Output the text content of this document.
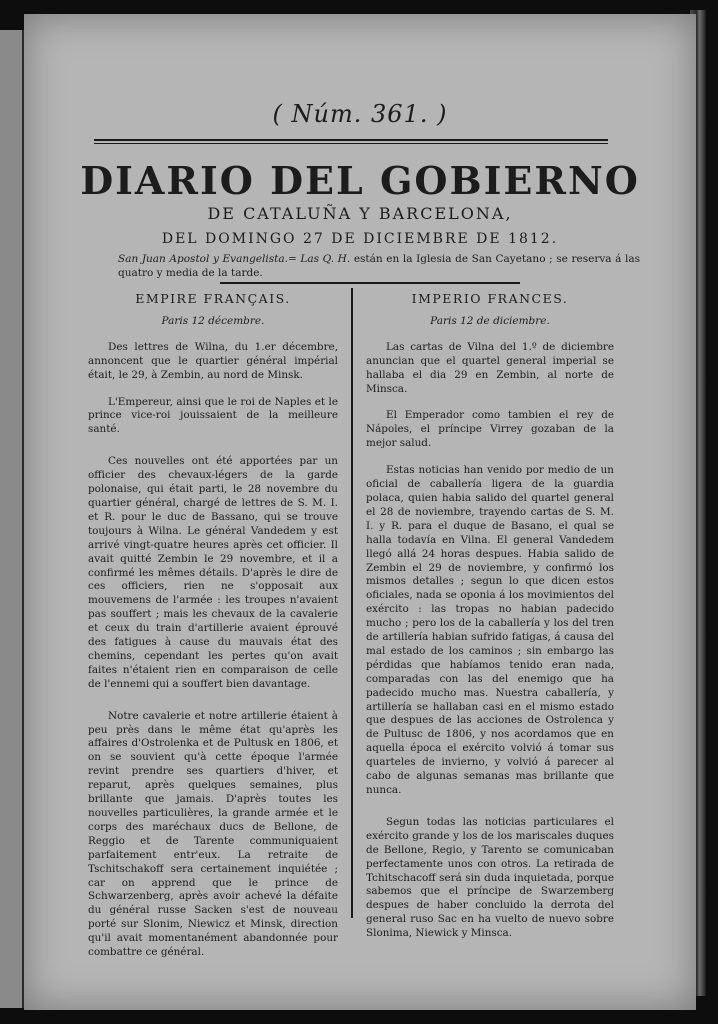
( Núm. 361. )
DIARIO DEL GOBIERNO
DE CATALUÑA Y BARCELONA,
DEL DOMINGO 27 DE DICIEMBRE DE 1812.
San Juan Apostol y Evangelista.= Las Q. H. están en la Iglesia de San Cayetano ; se reserva á las quatro y media de la tarde.
EMPIRE FRANÇAIS.
Paris 12 décembre.

Des lettres de Wilna, du 1.er décembre, annoncent que le quartier général impérial était, le 29, à Zembin, au nord de Minsk.

L'Empereur, ainsi que le roi de Naples et le prince vice-roi jouissaient de la meilleure santé.

Ces nouvelles ont été apportées par un officier des chevaux-légers de la garde polonaise, qui était parti, le 28 novembre du quartier général, chargé de lettres de S. M. I. et R. pour le duc de Bassano, qui se trouve toujours à Wilna. Le général Vandedem y est arrivé vingt-quatre heures après cet officier. Il avait quitté Zembin le 29 novembre, et il a confirmé les mêmes détails. D'après le dire de ces officiers, rien ne s'opposait aux mouvemens de l'armée : les troupes n'avaient pas souffert ; mais les chevaux de la cavalerie et ceux du train d'artillerie avaient éprouvé des fatigues à cause du mauvais état des chemins, cependant les pertes qu'on avait faites n'étaient rien en comparaison de celle de l'ennemi qui a souffert bien davantage.

Notre cavalerie et notre artillerie étaient à peu près dans le même état qu'après les affaires d'Ostrolenka et de Pultusk en 1806, et on se souvient qu'à cette époque l'armée revint prendre ses quartiers d'hiver, et reparut, après quelques semaines, plus brillante que jamais. D'après toutes les nouvelles particulières, la grande armée et le corps des maréchaux ducs de Bellone, de Reggio et de Tarente communiquaient parfaitement entr'eux. La retraite de Tschitschakoff sera certainement inquiétée ; car on apprend que le prince de Schwarzenberg, après avoir achevé la défaite du général russe Sacken s'est de nouveau porté sur Slonim, Niewicz et Minsk, direction qu'il avait momentanément abandonnée pour combattre ce général.

IMPERIO FRANCES.
Paris 12 de diciembre.

Las cartas de Vilna del 1.º de diciembre anuncian que el quartel general imperial se hallaba el dia 29 en Zembin, al norte de Minsca.

El Emperador como tambien el rey de Nápoles, el príncipe Virrey gozaban de la mejor salud.

Estas noticias han venido por medio de un oficial de caballería ligera de la guardia polaca, quien habia salido del quartel general el 28 de noviembre, trayendo cartas de S. M. I. y R. para el duque de Basano, el qual se halla todavía en Vilna. El general Vandedem llegó allá 24 horas despues. Habia salido de Zembin el 29 de noviembre, y confirmó los mismos detalles ; segun lo que dicen estos oficiales, nada se oponia á los movimientos del exército : las tropas no habian padecido mucho ; pero los de la caballería y los del tren de artillería habian sufrido fatigas, á causa del mal estado de los caminos ; sin embargo las pérdidas que habíamos tenido eran nada, comparadas con las del enemigo que ha padecido mucho mas. Nuestra caballería, y artillería se hallaban casi en el mismo estado que despues de las acciones de Ostrolenca y de Pultusc de 1806, y nos acordamos que en aquella época el exército volvió á tomar sus quarteles de invierno, y volvió á parecer al cabo de algunas semanas mas brillante que nunca.

Segun todas las noticias particulares el exército grande y los de los mariscales duques de Bellone, Regio, y Tarento se comunicaban perfectamente unos con otros. La retirada de Tchitschacoff será sin duda inquietada, porque sabemos que el príncipe de Swarzemberg despues de haber concluido la derrota del general ruso Sac en ha vuelto de nuevo sobre Slonima, Niewick y Minsca.
